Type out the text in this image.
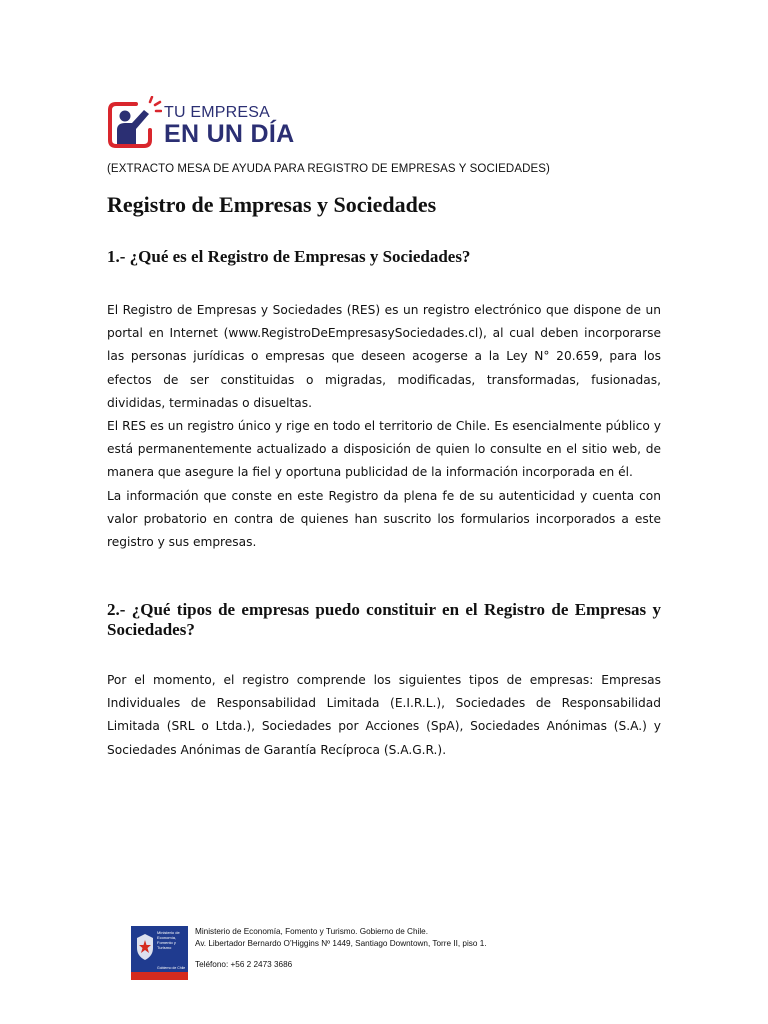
TU EMPRESA
EN UN DÍA
(EXTRACTO MESA DE AYUDA PARA REGISTRO DE EMPRESAS Y SOCIEDADES)
Registro de Empresas y Sociedades
1.- ¿Qué es el Registro de Empresas y Sociedades?
El Registro de Empresas y Sociedades (RES) es un registro electrónico que dispone de un portal en Internet (www.RegistroDeEmpresasySociedades.cl), al cual deben incorporarse las personas jurídicas o empresas que deseen acogerse a la Ley N° 20.659, para los efectos de ser constituidas o migradas, modificadas, transformadas, fusionadas, divididas, terminadas o disueltas.
El RES es un registro único y rige en todo el territorio de Chile. Es esencialmente público y está permanentemente actualizado a disposición de quien lo consulte en el sitio web, de manera que asegure la fiel y oportuna publicidad de la información incorporada en él.
La información que conste en este Registro da plena fe de su autenticidad y cuenta con valor probatorio en contra de quienes han suscrito los formularios incorporados a este registro y sus empresas.
2.- ¿Qué tipos de empresas puedo constituir en el Registro de Empresas y Sociedades?
Por el momento, el registro comprende los siguientes tipos de empresas: Empresas Individuales de Responsabilidad Limitada (E.I.R.L.), Sociedades de Responsabilidad Limitada (SRL o Ltda.), Sociedades por Acciones (SpA), Sociedades Anónimas (S.A.) y Sociedades Anónimas de Garantía Recíproca (S.A.G.R.).
Ministerio de Economía, Fomento y Turismo
Gobierno de Chile
Ministerio de Economía, Fomento y Turismo. Gobierno de Chile.
Av. Libertador Bernardo O’Higgins Nº 1449, Santiago Downtown, Torre II, piso 1.
Teléfono: +56 2 2473 3686
